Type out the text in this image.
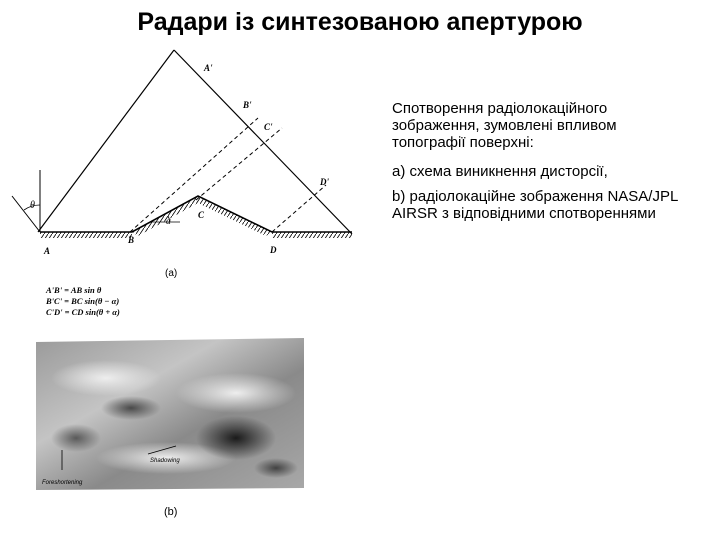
Радари із синтезованою апертурою
θ
α
A'
B'
C'
D'
A
B
C
D
(a)
A'B' = AB sin θ
B'C' = BC sin(θ − α)
C'D' = CD sin(θ + α)
Shadowing
Foreshortening
(b)

Спотворення радіолокаційного зображення, зумовлені впливом топографії поверхні:

a) схема виникнення дисторсії,

b) радіолокаційне зображення NASA/JPL AIRSR з відповідними спотвореннями
